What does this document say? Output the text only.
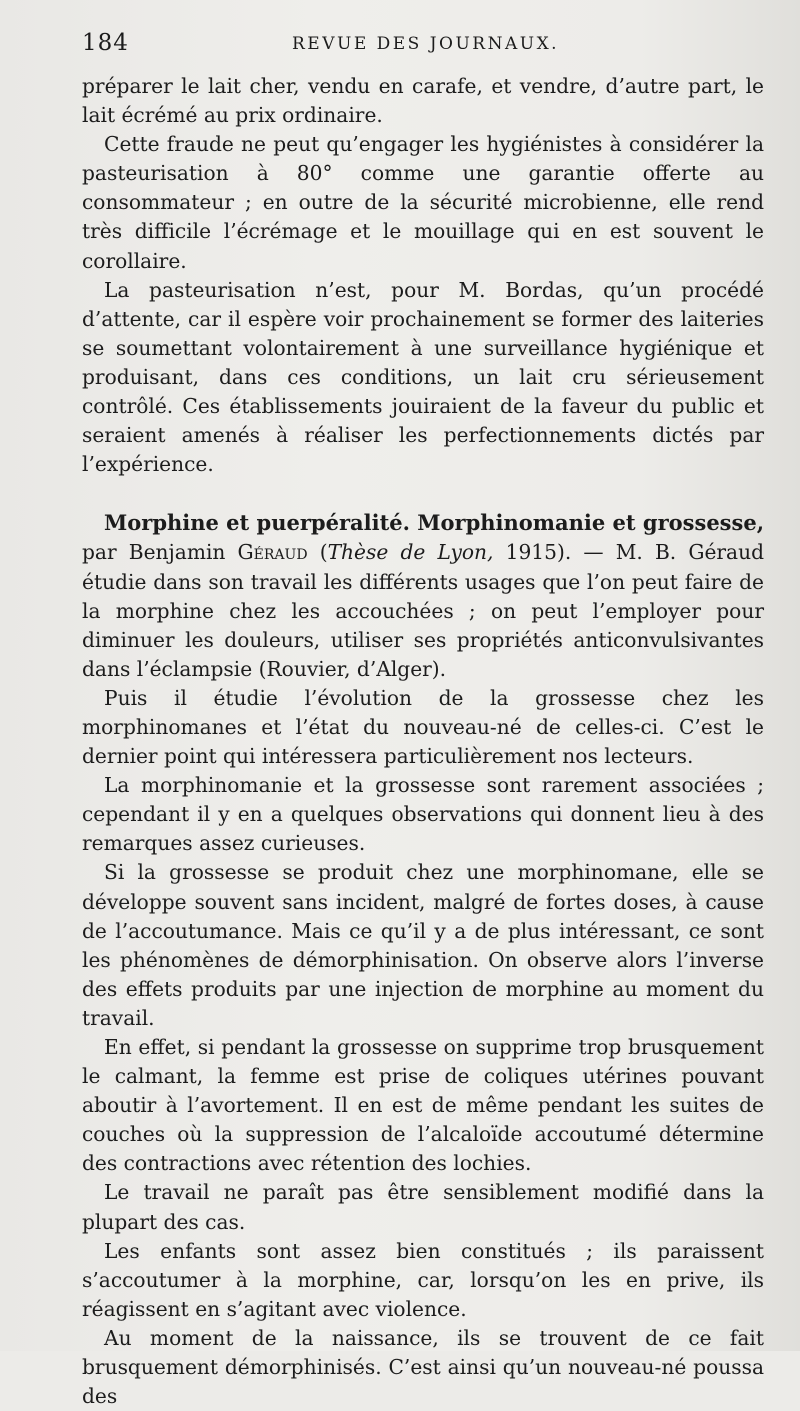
184	REVUE DES JOURNAUX.

préparer le lait cher, vendu en carafe, et vendre, d’autre part, le lait écrémé au prix ordinaire.

Cette fraude ne peut qu’engager les hygiénistes à considérer la pasteurisation à 80° comme une garantie offerte au consommateur ; en outre de la sécurité microbienne, elle rend très difficile l’écrémage et le mouillage qui en est souvent le corollaire.

La pasteurisation n’est, pour M. Bordas, qu’un procédé d’attente, car il espère voir prochainement se former des laiteries se soumettant volontairement à une surveillance hygiénique et produisant, dans ces conditions, un lait cru sérieusement contrôlé. Ces établissements jouiraient de la faveur du public et seraient amenés à réaliser les perfectionnements dictés par l’expérience.

Morphine et puerpéralité. Morphinomanie et grossesse, par Benjamin Géraud (Thèse de Lyon, 1915). — M. B. Géraud étudie dans son travail les différents usages que l’on peut faire de la morphine chez les accouchées ; on peut l’employer pour diminuer les douleurs, utiliser ses propriétés anticonvulsivantes dans l’éclampsie (Rouvier, d’Alger).

Puis il étudie l’évolution de la grossesse chez les morphinomanes et l’état du nouveau-né de celles-ci. C’est le dernier point qui intéressera particulièrement nos lecteurs.

La morphinomanie et la grossesse sont rarement associées ; cependant il y en a quelques observations qui donnent lieu à des remarques assez curieuses.

Si la grossesse se produit chez une morphinomane, elle se développe souvent sans incident, malgré de fortes doses, à cause de l’accoutumance. Mais ce qu’il y a de plus intéressant, ce sont les phénomènes de démorphinisation. On observe alors l’inverse des effets produits par une injection de morphine au moment du travail.

En effet, si pendant la grossesse on supprime trop brusquement le calmant, la femme est prise de coliques utérines pouvant aboutir à l’avortement. Il en est de même pendant les suites de couches où la suppression de l’alcaloïde accoutumé détermine des contractions avec rétention des lochies.

Le travail ne paraît pas être sensiblement modifié dans la plupart des cas.

Les enfants sont assez bien constitués ; ils paraissent s’accoutumer à la morphine, car, lorsqu’on les en prive, ils réagissent en s’agitant avec violence.

Au moment de la naissance, ils se trouvent de ce fait brusquement démorphinisés. C’est ainsi qu’un nouveau-né poussa des
